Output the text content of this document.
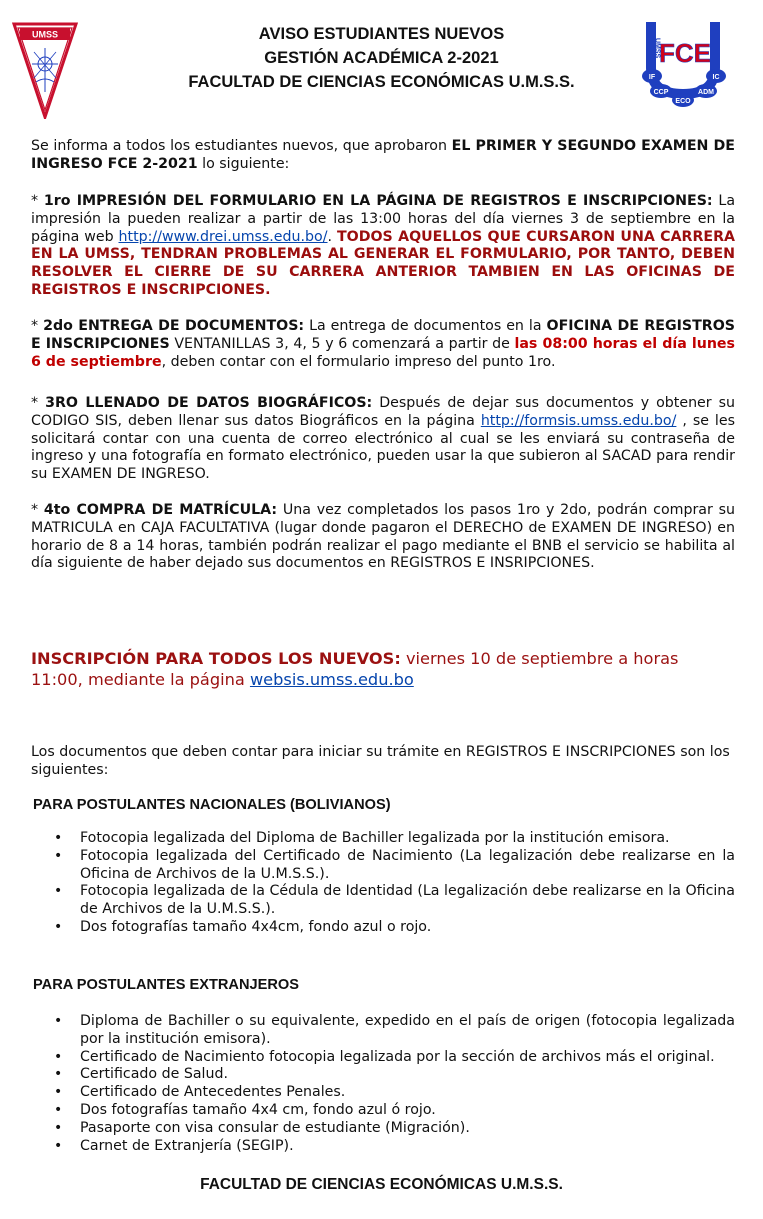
UMSS
UMSS
FCE
IF	IC
CCP
ECO
ADM
AVISO ESTUDIANTES NUEVOS
GESTIÓN ACADÉMICA 2-2021
FACULTAD DE CIENCIAS ECONÓMICAS U.M.S.S.

Se informa a todos los estudiantes nuevos, que aprobaron EL PRIMER Y SEGUNDO EXAMEN DE INGRESO FCE 2-2021 lo siguiente:

* 1ro IMPRESIÓN DEL FORMULARIO EN LA PÁGINA DE REGISTROS E INSCRIPCIONES: La impresión la pueden realizar a partir de las 13:00 horas del día viernes 3 de septiembre en la página web http://www.drei.umss.edu.bo/. TODOS AQUELLOS QUE CURSARON UNA CARRERA EN LA UMSS, TENDRAN PROBLEMAS AL GENERAR EL FORMULARIO, POR TANTO, DEBEN RESOLVER EL CIERRE DE SU CARRERA ANTERIOR TAMBIEN EN LAS OFICINAS DE REGISTROS E INSCRIPCIONES.

* 2do ENTREGA DE DOCUMENTOS: La entrega de documentos en la OFICINA DE REGISTROS E INSCRIPCIONES VENTANILLAS 3, 4, 5 y 6 comenzará a partir de las 08:00 horas el día lunes 6 de septiembre, deben contar con el formulario impreso del punto 1ro.

* 3RO LLENADO DE DATOS BIOGRÁFICOS: Después de dejar sus documentos y obtener su CODIGO SIS, deben llenar sus datos Biográficos en la página http://formsis.umss.edu.bo/ , se les solicitará contar con una cuenta de correo electrónico al cual se les enviará su contraseña de ingreso y una fotografía en formato electrónico, pueden usar la que subieron al SACAD para rendir su EXAMEN DE INGRESO.

* 4to COMPRA DE MATRÍCULA: Una vez completados los pasos 1ro y 2do, podrán comprar su MATRICULA en CAJA FACULTATIVA (lugar donde pagaron el DERECHO de EXAMEN DE INGRESO) en horario de 8 a 14 horas, también podrán realizar el pago mediante el BNB el servicio se habilita al día siguiente de haber dejado sus documentos en REGISTROS E INSRIPCIONES.

INSCRIPCIÓN PARA TODOS LOS NUEVOS: viernes 10 de septiembre a horas 11:00, mediante la página websis.umss.edu.bo

Los documentos que deben contar para iniciar su trámite en REGISTROS E INSCRIPCIONES son los siguientes:

PARA POSTULANTES NACIONALES (BOLIVIANOS)
• Fotocopia legalizada del Diploma de Bachiller legalizada por la institución emisora.
• Fotocopia legalizada del Certificado de Nacimiento (La legalización debe realizarse en la Oficina de Archivos de la U.M.S.S.).
• Fotocopia legalizada de la Cédula de Identidad (La legalización debe realizarse en la Oficina de Archivos de la U.M.S.S.).
• Dos fotografías tamaño 4x4cm, fondo azul o rojo.
PARA POSTULANTES EXTRANJEROS
• Diploma de Bachiller o su equivalente, expedido en el país de origen (fotocopia legalizada por la institución emisora).
• Certificado de Nacimiento fotocopia legalizada por la sección de archivos más el original.
• Certificado de Salud.
• Certificado de Antecedentes Penales.
• Dos fotografías tamaño 4x4 cm, fondo azul ó rojo.
• Pasaporte con visa consular de estudiante (Migración).
• Carnet de Extranjería (SEGIP).
FACULTAD DE CIENCIAS ECONÓMICAS U.M.S.S.
